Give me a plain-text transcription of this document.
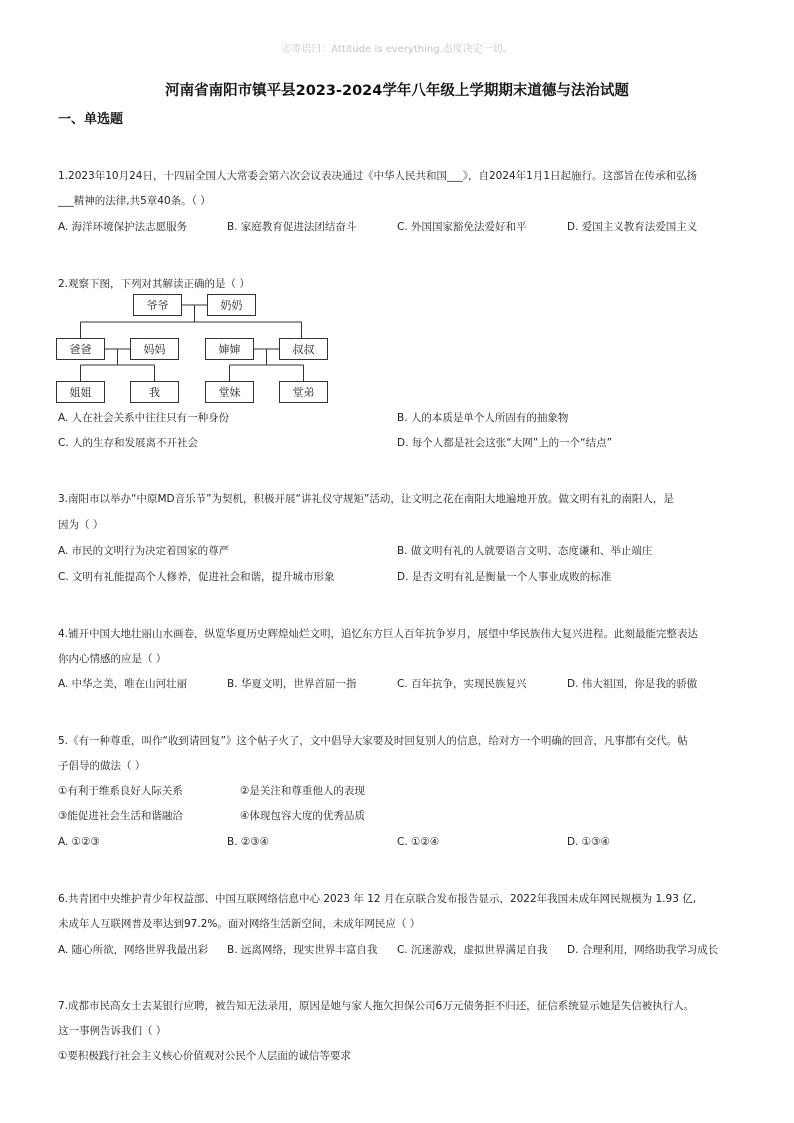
㊣寄语曰：Attitude is everything.态度决定一切。
河南省南阳市镇平县2023-2024学年八年级上学期期末道德与法治试题
一、单选题
1.2023年10月24日，十四届全国人大常委会第六次会议表决通过《中华人民共和国___》，自2024年1月1日起施行。这部旨在传承和弘扬
___精神的法律,共5章40条。（ ）
A. 海洋环境保护法志愿服务	B. 家庭教育促进法团结奋斗	C. 外国国家豁免法爱好和平	D. 爱国主义教育法爱国主义
2.观察下图，下列对其解读正确的是（ ）
爷爷	奶奶
爸爸	妈妈	婶婶	叔叔
姐姐	我	堂妹	堂弟
A. 人在社会关系中往往只有一种身份	B. 人的本质是单个人所固有的抽象物
C. 人的生存和发展离不开社会	D. 每个人都是社会这张“大网”上的一个“结点”
3.南阳市以举办“中原MD音乐节”为契机，积极开展“讲礼仪守规矩”活动，让文明之花在南阳大地遍地开放。做文明有礼的南阳人，是
因为（ ）
A. 市民的文明行为决定着国家的尊严	B. 做文明有礼的人就要语言文明、态度谦和、举止端庄
C. 文明有礼能提高个人修养，促进社会和谐，提升城市形象	D. 是否文明有礼是衡量一个人事业成败的标准
4.铺开中国大地壮丽山水画卷，纵览华夏历史辉煌灿烂文明，追忆东方巨人百年抗争岁月，展望中华民族伟大复兴进程。此刻最能完整表达
你内心情感的应是（ ）
A. 中华之美，唯在山河壮丽	B. 华夏文明，世界首屈一指	C. 百年抗争，实现民族复兴	D. 伟大祖国，你是我的骄傲
5.《有一种尊重，叫作“收到请回复”》这个帖子火了，文中倡导大家要及时回复别人的信息，给对方一个明确的回音，凡事都有交代。帖
子倡导的做法（ ）
①有利于维系良好人际关系	②是关注和尊重他人的表现
③能促进社会生活和谐融洽	④体现包容大度的优秀品质
A. ①②③	B. ②③④	C. ①②④	D. ①③④
6.共青团中央维护青少年权益部、中国互联网络信息中心 2023 年 12 月在京联合发布报告显示，2022年我国未成年网民规模为 1.93 亿,
未成年人互联网普及率达到97.2%。面对网络生活新空间，未成年网民应（ ）
A. 随心所欲，网络世界我最出彩 B. 远离网络，现实世界丰富自我 C. 沉迷游戏，虚拟世界满足自我 D. 合理利用，网络助我学习成长
7.成都市民高女士去某银行应聘，被告知无法录用，原因是她与家人拖欠担保公司6万元债务拒不归还，征信系统显示她是失信被执行人。
这一事例告诉我们（ ）
①要积极践行社会主义核心价值观对公民个人层面的诚信等要求
